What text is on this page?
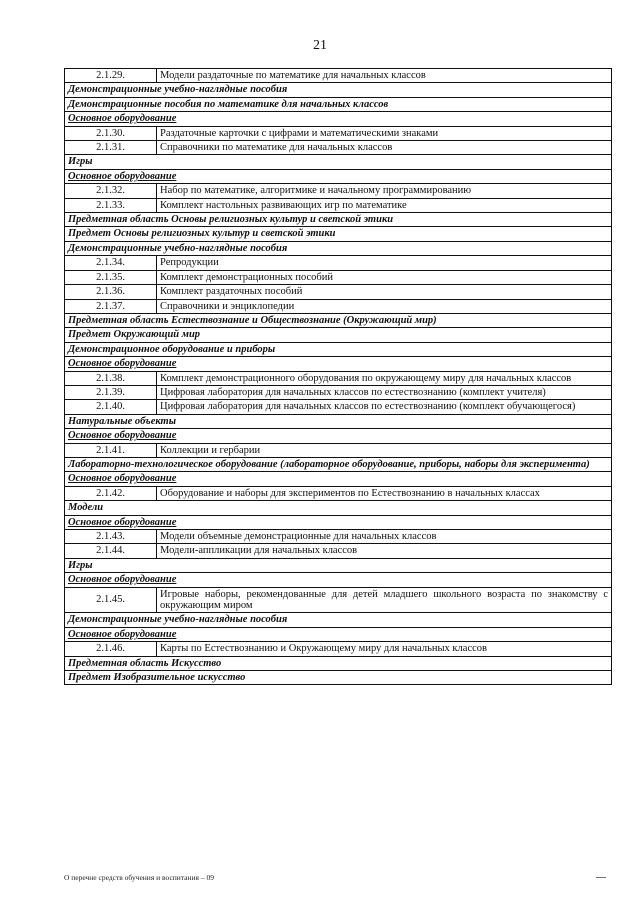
21
2.1.29.	Модели раздаточные по математике для начальных классов
Демонстрационные учебно-наглядные пособия	
Демонстрационные пособия по математике для начальных классов	
Основное оборудование	
2.1.30.	Раздаточные карточки с цифрами и математическими знаками
2.1.31.	Справочники по математике для начальных классов
Игры	
Основное оборудование	
2.1.32.	Набор по математике, алгоритмике и начальному программированию
2.1.33.	Комплект настольных развивающих игр по математике
Предметная область Основы религиозных культур и светской этики	
Предмет Основы религиозных культур и светской этики	
Демонстрационные учебно-наглядные пособия	
2.1.34.	Репродукции
2.1.35.	Комплект демонстрационных пособий
2.1.36.	Комплект раздаточных пособий
2.1.37.	Справочники и энциклопедии
Предметная область Естествознание и Обществознание (Окружающий мир)	
Предмет Окружающий мир	
Демонстрационное оборудование и приборы	
Основное оборудование	
2.1.38.	Комплект демонстрационного оборудования по окружающему миру для начальных классов
2.1.39.	Цифровая лаборатория для начальных классов по естествознанию (комплект учителя)
2.1.40.	Цифровая лаборатория для начальных классов по естествознанию (комплект обучающегося)
Натуральные объекты	
Основное оборудование	
2.1.41.	Коллекции и гербарии
Лабораторно-технологическое оборудование (лабораторное оборудование, приборы, наборы для эксперимента)	
Основное оборудование	
2.1.42.	Оборудование и наборы для экспериментов по Естествознанию в начальных классах
Модели	
Основное оборудование	
2.1.43.	Модели объемные демонстрационные для начальных классов
2.1.44.	Модели-аппликации для начальных классов
Игры	
Основное оборудование	
2.1.45.	Игровые наборы, рекомендованные для детей младшего школьного возраста по знакомству с окружающим миром
Демонстрационные учебно-наглядные пособия	
Основное оборудование	
2.1.46.	Карты по Естествознанию и Окружающему миру для начальных классов
Предметная область Искусство	
Предмет Изобразительное искусство	
О перечне средств обучения и воспитания – 09
